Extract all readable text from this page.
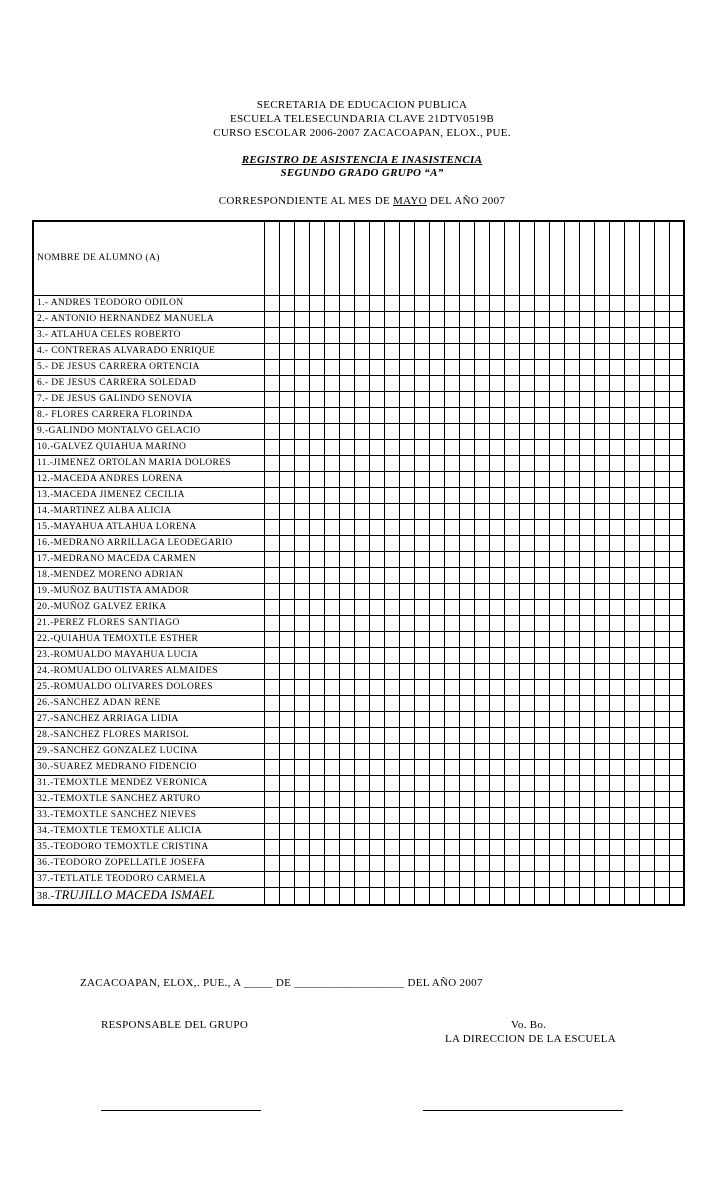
SECRETARIA DE EDUCACION PUBLICA
ESCUELA TELESECUNDARIA CLAVE 21DTV0519B
CURSO ESCOLAR 2006-2007 ZACACOAPAN, ELOX., PUE.
REGISTRO DE ASISTENCIA E INASISTENCIA
SEGUNDO GRADO GRUPO “A”
CORRESPONDIENTE AL MES DE MAYO DEL AÑO 2007
NOMBRE DE ALUMNO (A)																												
1.- ANDRES TEODORO ODILON																												
2.- ANTONIO HERNANDEZ MANUELA																												
3.- ATLAHUA CELES ROBERTO																												
4.- CONTRERAS ALVARADO ENRIQUE																												
5.- DE JESUS CARRERA ORTENCIA																												
6.- DE JESUS CARRERA SOLEDAD																												
7.- DE JESUS GALINDO SENOVIA																												
8.- FLORES CARRERA FLORINDA																												
9.-GALINDO MONTALVO GELACIO																												
10.-GALVEZ QUIAHUA MARINO																												
11.-JIMENEZ ORTOLAN MARIA DOLORES																												
12.-MACEDA ANDRES LORENA																												
13.-MACEDA JIMENEZ CECILIA																												
14.-MARTINEZ ALBA ALICIA																												
15.-MAYAHUA ATLAHUA LORENA																												
16.-MEDRANO ARRILLAGA LEODEGARIO																												
17.-MEDRANO MACEDA CARMEN																												
18.-MENDEZ MORENO ADRIAN																												
19.-MUÑOZ BAUTISTA AMADOR																												
20.-MUÑOZ GALVEZ ERIKA																												
21.-PEREZ FLORES SANTIAGO																												
22.-QUIAHUA TEMOXTLE ESTHER																												
23.-ROMUALDO MAYAHUA LUCIA																												
24.-ROMUALDO OLIVARES ALMAIDES																												
25.-ROMUALDO OLIVARES DOLORES																												
26.-SANCHEZ ADAN RENE																												
27.-SANCHEZ ARRIAGA LIDIA																												
28.-SANCHEZ FLORES MARISOL																												
29.-SANCHEZ GONZALEZ LUCINA																												
30.-SUAREZ MEDRANO FIDENCIO																												
31.-TEMOXTLE MENDEZ VERONICA																												
32.-TEMOXTLE SANCHEZ ARTURO																												
33.-TEMOXTLE SANCHEZ NIEVES																												
34.-TEMOXTLE TEMOXTLE ALICIA																												
35.-TEODORO TEMOXTLE CRISTINA																												
36.-TEODORO ZOPELLATLE JOSEFA																												
37.-TETLATLE TEODORO CARMELA																												
38.-TRUJILLO MACEDA ISMAEL																												
ZACACOAPAN, ELOX,. PUE., A _____ DE ___________________ DEL AÑO 2007
RESPONSABLE DEL GRUPO	Vo. Bo.
LA DIRECCION DE LA ESCUELA
